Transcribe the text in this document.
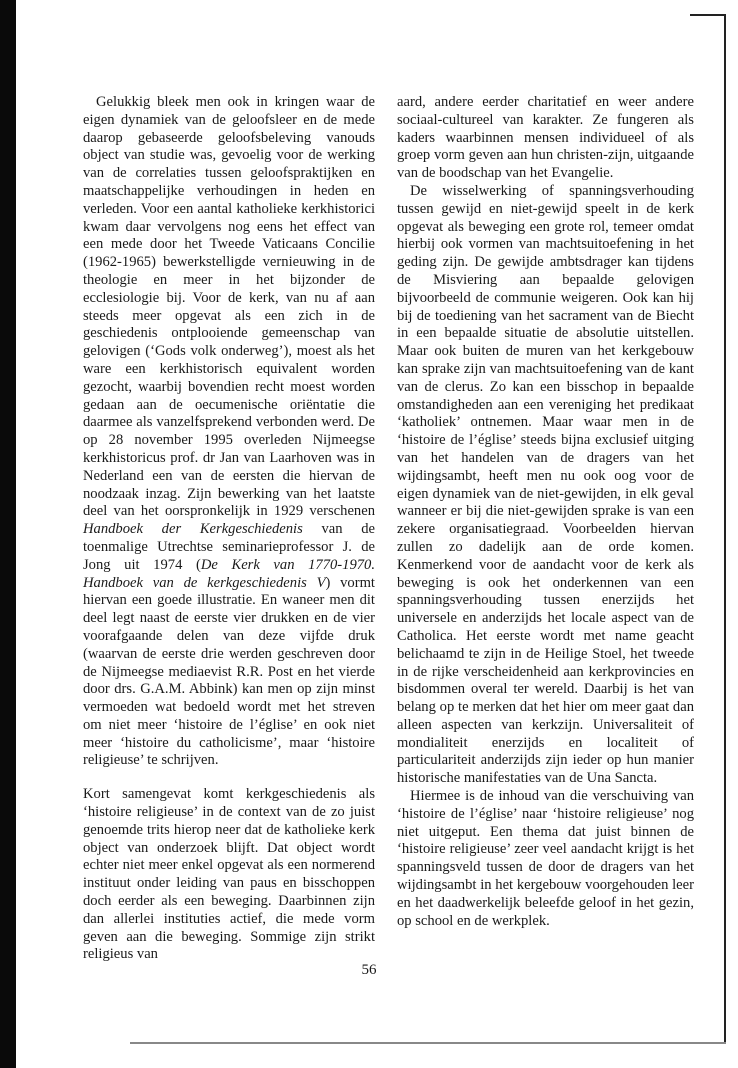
Gelukkig bleek men ook in kringen waar de eigen dynamiek van de geloofsleer en de mede daarop gebaseerde geloofsbeleving vanouds object van studie was, gevoelig voor de werking van de correlaties tussen geloofspraktijken en maatschappelijke verhoudingen in heden en verleden. Voor een aantal katholieke kerkhistorici kwam daar vervolgens nog eens het effect van een mede door het Tweede Vaticaans Concilie (1962-1965) bewerkstelligde vernieuwing in de theologie en meer in het bijzonder de ecclesiologie bij. Voor de kerk, van nu af aan steeds meer opgevat als een zich in de geschiedenis ontplooiende gemeenschap van gelovigen (‘Gods volk onderweg’), moest als het ware een kerkhistorisch equivalent worden gezocht, waarbij bovendien recht moest worden gedaan aan de oecumenische oriëntatie die daarmee als vanzelfsprekend verbonden werd. De op 28 november 1995 overleden Nijmeegse kerkhistoricus prof. dr Jan van Laarhoven was in Nederland een van de eersten die hiervan de noodzaak inzag. Zijn bewerking van het laatste deel van het oorspronkelijk in 1929 verschenen Handboek der Kerkgeschiedenis van de toenmalige Utrechtse seminarieprofessor J. de Jong uit 1974 (De Kerk van 1770-1970. Handboek van de kerkgeschiedenis V) vormt hiervan een goede illustratie. En waneer men dit deel legt naast de eerste vier drukken en de vier voorafgaande delen van deze vijfde druk (waarvan de eerste drie werden geschreven door de Nijmeegse mediaevist R.R. Post en het vierde door drs. G.A.M. Abbink) kan men op zijn minst vermoeden wat bedoeld wordt met het streven om niet meer ‘histoire de l’église’ en ook niet meer ‘histoire du catholicisme’, maar ‘histoire religieuse’ te schrijven.

Kort samengevat komt kerkgeschiedenis als ‘histoire religieuse’ in de context van de zo juist genoemde trits hierop neer dat de katholieke kerk object van onderzoek blijft. Dat object wordt echter niet meer enkel opgevat als een normerend instituut onder leiding van paus en bisschoppen doch eerder als een beweging. Daarbinnen zijn dan allerlei instituties actief, die mede vorm geven aan die beweging. Sommige zijn strikt religieus van

aard, andere eerder charitatief en weer andere sociaal-cultureel van karakter. Ze fungeren als kaders waarbinnen mensen individueel of als groep vorm geven aan hun christen-zijn, uitgaande van de boodschap van het Evangelie.

De wisselwerking of spanningsverhouding tussen gewijd en niet-gewijd speelt in de kerk opgevat als beweging een grote rol, temeer omdat hierbij ook vormen van machtsuitoefening in het geding zijn. De gewijde ambtsdrager kan tijdens de Misviering aan bepaalde gelovigen bijvoorbeeld de communie weigeren. Ook kan hij bij de toediening van het sacrament van de Biecht in een bepaalde situatie de absolutie uitstellen. Maar ook buiten de muren van het kerkgebouw kan sprake zijn van machtsuitoefening van de kant van de clerus. Zo kan een bisschop in bepaalde omstandigheden aan een vereniging het predikaat ‘katholiek’ ontnemen. Maar waar men in de ‘histoire de l’église’ steeds bijna exclusief uitging van het handelen van de dragers van het wijdingsambt, heeft men nu ook oog voor de eigen dynamiek van de niet-gewijden, in elk geval wanneer er bij die niet-gewijden sprake is van een zekere organisatiegraad. Voorbeelden hiervan zullen zo dadelijk aan de orde komen. Kenmerkend voor de aandacht voor de kerk als beweging is ook het onderkennen van een spanningsverhouding tussen enerzijds het universele en anderzijds het locale aspect van de Catholica. Het eerste wordt met name geacht belichaamd te zijn in de Heilige Stoel, het tweede in de rijke verscheidenheid aan kerkprovincies en bisdommen overal ter wereld. Daarbij is het van belang op te merken dat het hier om meer gaat dan alleen aspecten van kerkzijn. Universaliteit of mondialiteit enerzijds en localiteit of particulariteit anderzijds zijn ieder op hun manier historische manifestaties van de Una Sancta.

Hiermee is de inhoud van die verschuiving van ‘histoire de l’église’ naar ‘histoire religieuse’ nog niet uitgeput. Een thema dat juist binnen de ‘histoire religieuse’ zeer veel aandacht krijgt is het spanningsveld tussen de door de dragers van het wijdingsambt in het kergebouw voorgehouden leer en het daadwerkelijk beleefde geloof in het gezin, op school en de werkplek.

56
